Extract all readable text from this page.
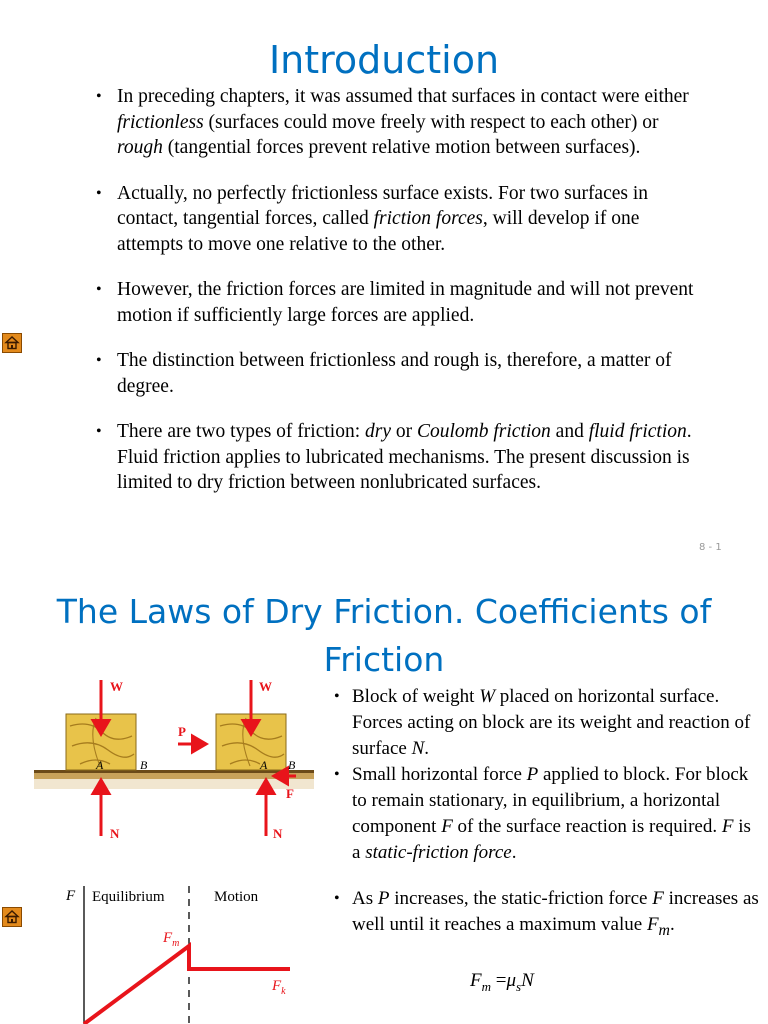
Introduction
• In preceding chapters, it was assumed that surfaces in contact were either frictionless (surfaces could move freely with respect to each other) or rough (tangential forces prevent relative motion between surfaces).
• Actually, no perfectly frictionless surface exists. For two surfaces in contact, tangential forces, called friction forces, will develop if one attempts to move one relative to the other.
• However, the friction forces are limited in magnitude and will not prevent motion if sufficiently large forces are applied.
• The distinction between frictionless and rough is, therefore, a matter of degree.
• There are two types of friction: dry or Coulomb friction and fluid friction. Fluid friction applies to lubricated mechanisms. The present discussion is limited to dry friction between nonlubricated surfaces.
8 - 1
The Laws of Dry Friction. Coefficients of Friction
W	W
N	N
P
F
A	B	A B
F Equilibrium	Motion
$F_m$
$F_k$
• Block of weight W placed on horizontal surface. Forces acting on block are its weight and reaction of surface N.
• Small horizontal force P applied to block. For block to remain stationary, in equilibrium, a horizontal component F of the surface reaction is required. F is a static-friction force.
• As P increases, the static-friction force F increases as well until it reaches a maximum value $F_m$.
$F_m =\mu_sN$
